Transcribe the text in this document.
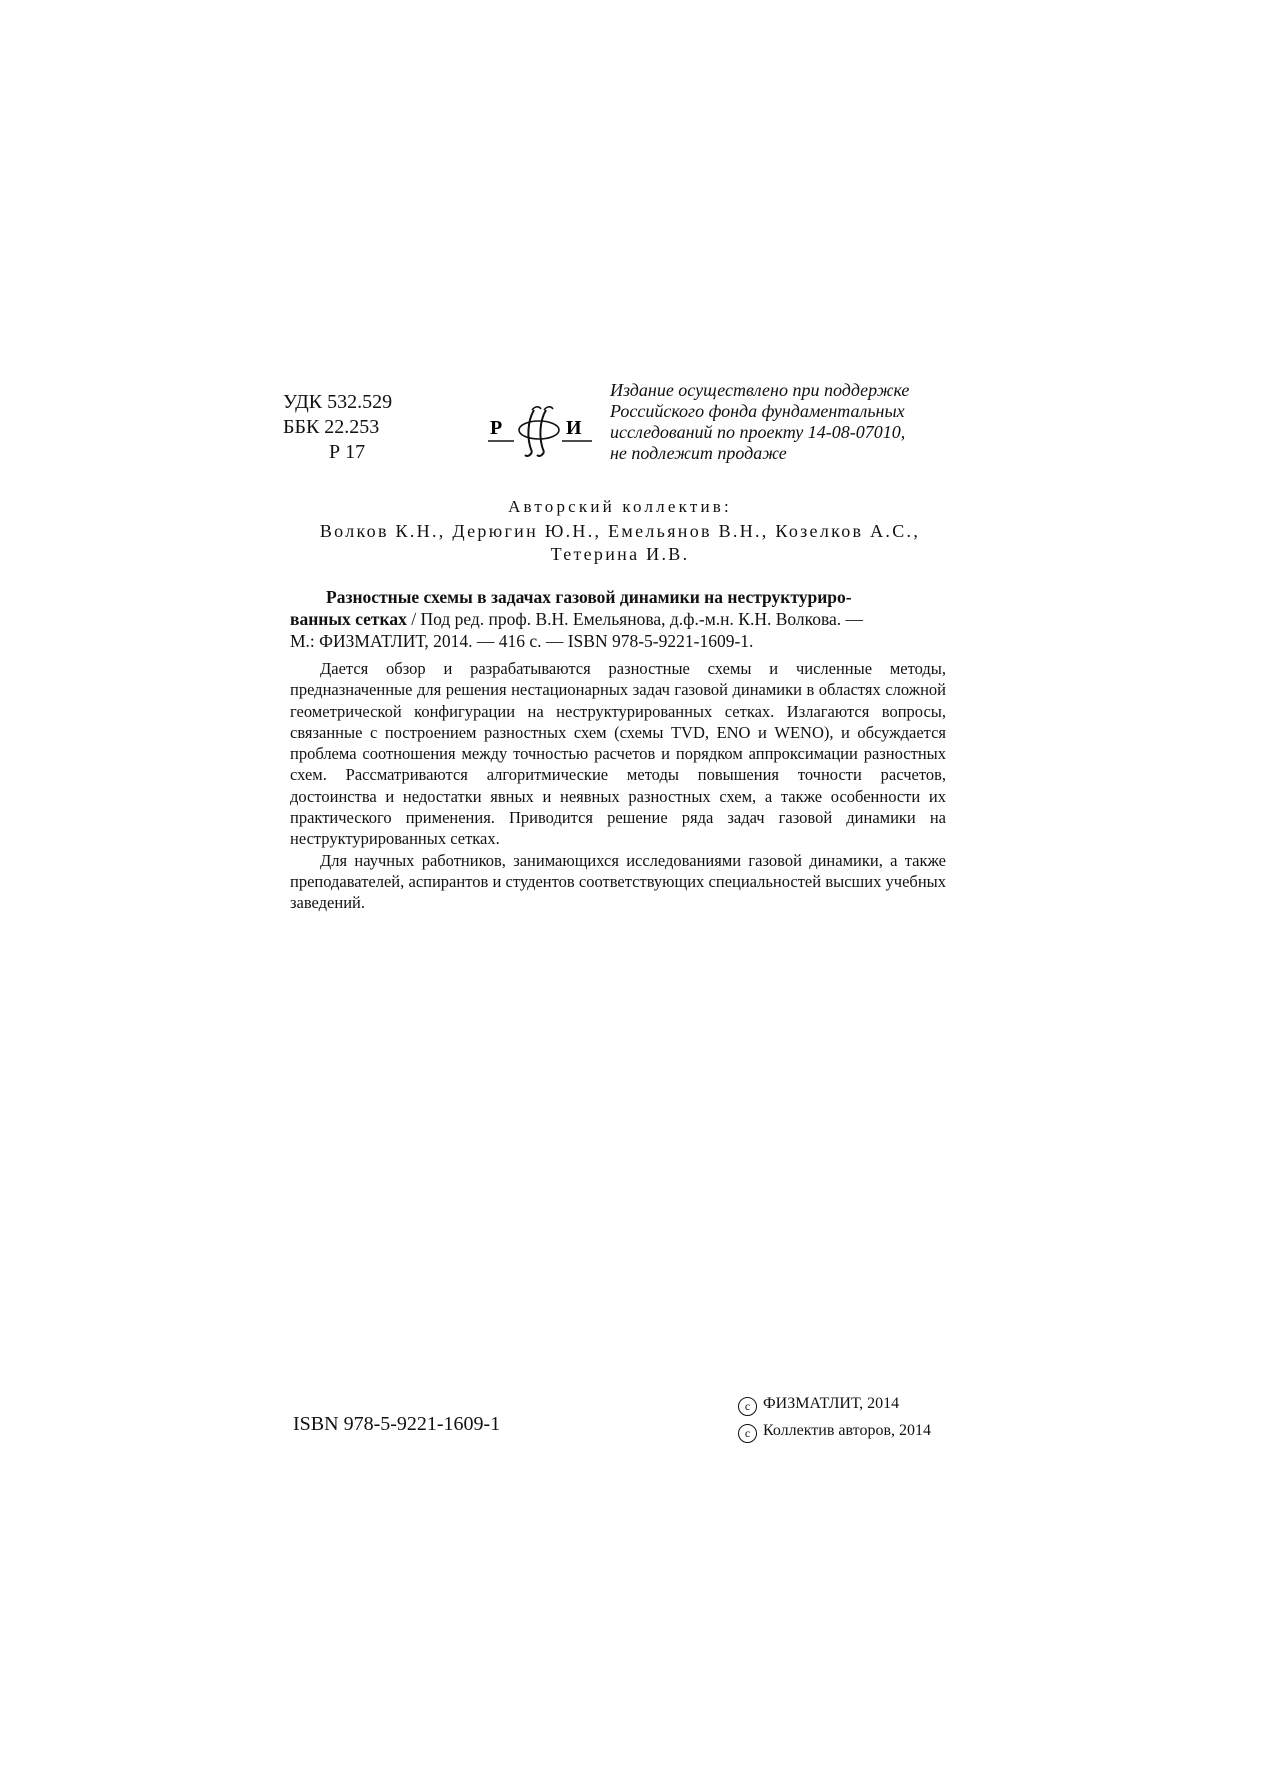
УДК 532.529
ББК 22.253
Р 17
Р	И
Издание осуществлено при поддержке
Российского фонда фундаментальных
исследований по проекту 14-08-07010,
не подлежит продаже
Авторский коллектив:
Волков К.Н., Дерюгин Ю.Н., Емельянов В.Н., Козелков А.С.,
Тетерина И.В.
Разностные схемы в задачах газовой динамики на неструктуриро-
ванных сетках / Под ред. проф. В.Н. Емельянова, д.ф.-м.н. К.Н. Волкова. —
М.: ФИЗМАТЛИТ, 2014. — 416 с. — ISBN 978-5-9221-1609-1.

Дается обзор и разрабатываются разностные схемы и численные методы, предназначенные для решения нестационарных задач газовой динамики в областях сложной геометрической конфигурации на неструктурированных сетках. Излагаются вопросы, связанные с построением разностных схем (схемы TVD, ENO и WENO), и обсуждается проблема соотношения между точностью расчетов и порядком аппроксимации разностных схем. Рассматриваются алгоритмические методы повышения точности расчетов, достоинства и недостатки явных и неявных разностных схем, а также особенности их практического применения. Приводится решение ряда задач газовой динамики на неструктурированных сетках.

Для научных работников, занимающихся исследованиями газовой динамики, а также преподавателей, аспирантов и студентов соответствующих специальностей высших учебных заведений.

ISBN 978-5-9221-1609-1
c ФИЗМАТЛИТ, 2014
c Коллектив авторов, 2014
